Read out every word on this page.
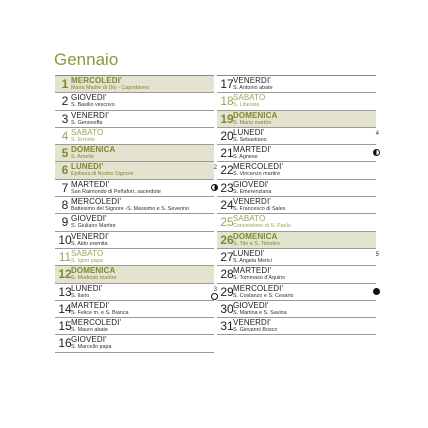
Gennaio
1 MERCOLEDI'
Maria Madre di Dio - Capodanno
2 GIOVEDI'
S. Basilio vescovo
3 VENERDI'
S. Genoveffa
4 SABATO
S. Ermete
5 DOMENICA
S. Amelio
6 LUNEDI'
Epifania di Nostro Signore
2
7 MARTEDI'
San Raimondo di Peñafort, sacerdote
8 MERCOLEDI'
Battesimo del Signore -S. Massimo e S. Severino
9 GIOVEDI'
S. Giuliano Martire
10 VENERDI'
S. Aldo eremita
11 SABATO
S. Igino papa
12 DOMENICA
S. Modesto martire
13 LUNEDI'
S. Ilario
3
14 MARTEDI'
S. Felice m. e S. Bianca
15 MERCOLEDI'
S. Mauro abate
16 GIOVEDI'
S. Marcello papa
17 VENERDI'
S. Antonio abate
18 SABATO
S. Liberata
19 DOMENICA
S. Mario martire
20 LUNEDI'
S. Sebastiano
4
21 MARTEDI'
S. Agnese
22 MERCOLEDI'
S. Vincenzo martire
23 GIOVEDI'
S. Emerenziana
24 VENERDI'
S. Francesco di Sales
25 SABATO
Conversione di S. Paolo
26 DOMENICA
S. Tito e S. Timoteo
27 LUNEDI'
S. Angela Merici
5
28 MARTEDI'
S. Tommaso d'Aquino
29 MERCOLEDI'
S. Costanzo e S. Cesario
30 GIOVEDI'
S. Martina e S. Savina
31 VENERDI'
S. Giovanni Bosco
